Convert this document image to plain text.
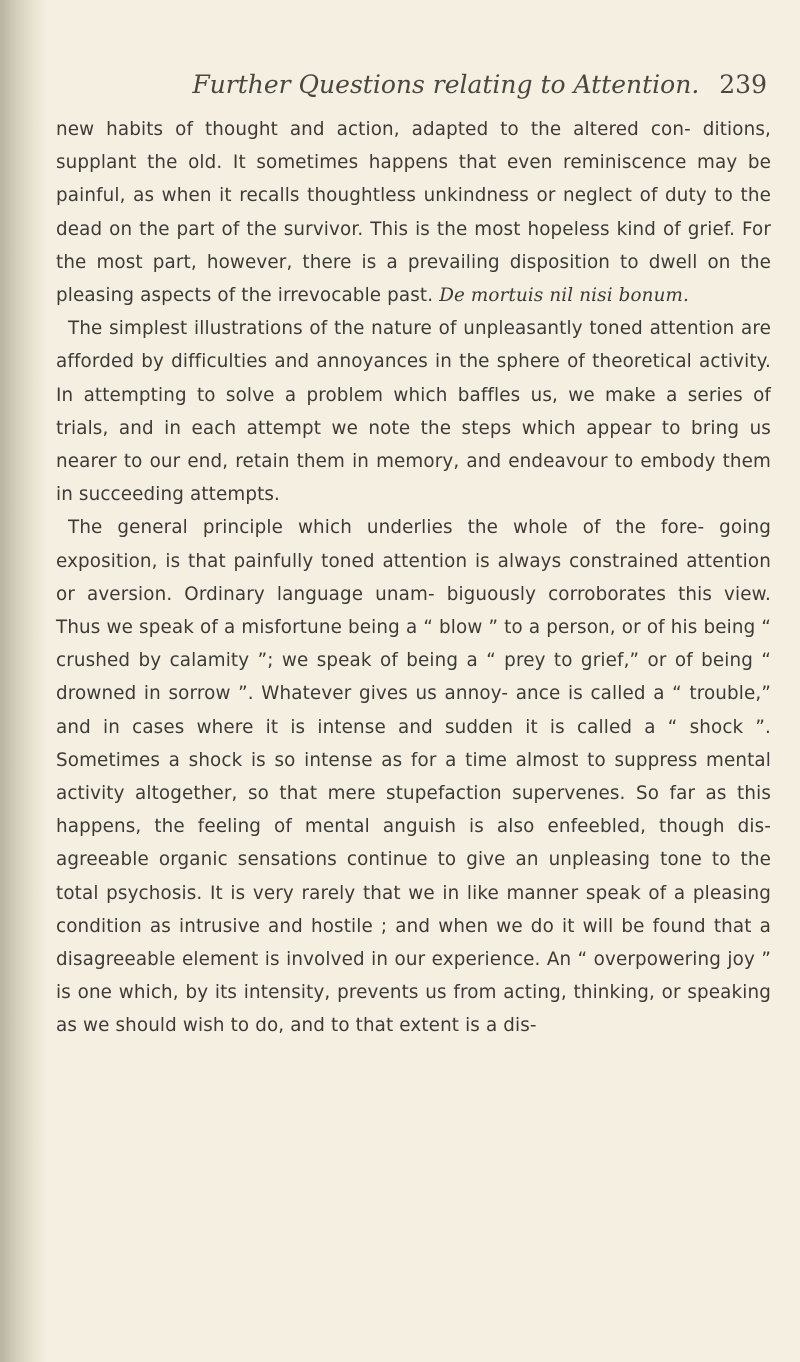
Further Questions relating to Attention. 239

new habits of thought and action, adapted to the altered con- ditions, supplant the old. It sometimes happens that even reminiscence may be painful, as when it recalls thoughtless unkindness or neglect of duty to the dead on the part of the survivor. This is the most hopeless kind of grief. For the most part, however, there is a prevailing disposition to dwell on the pleasing aspects of the irrevocable past. De mortuis nil nisi bonum.

The simplest illustrations of the nature of unpleasantly toned attention are afforded by difficulties and annoyances in the sphere of theoretical activity. In attempting to solve a problem which baffles us, we make a series of trials, and in each attempt we note the steps which appear to bring us nearer to our end, retain them in memory, and endeavour to embody them in succeeding attempts.

The general principle which underlies the whole of the fore- going exposition, is that painfully toned attention is always constrained attention or aversion. Ordinary language unam- biguously corroborates this view. Thus we speak of a misfortune being a “ blow ” to a person, or of his being “ crushed by calamity ”; we speak of being a “ prey to grief,” or of being “ drowned in sorrow ”. Whatever gives us annoy- ance is called a “ trouble,” and in cases where it is intense and sudden it is called a “ shock ”. Sometimes a shock is so intense as for a time almost to suppress mental activity altogether, so that mere stupefaction supervenes. So far as this happens, the feeling of mental anguish is also enfeebled, though dis- agreeable organic sensations continue to give an unpleasing tone to the total psychosis. It is very rarely that we in like manner speak of a pleasing condition as intrusive and hostile ; and when we do it will be found that a disagreeable element is involved in our experience. An “ overpowering joy ” is one which, by its intensity, prevents us from acting, thinking, or speaking as we should wish to do, and to that extent is a dis-
